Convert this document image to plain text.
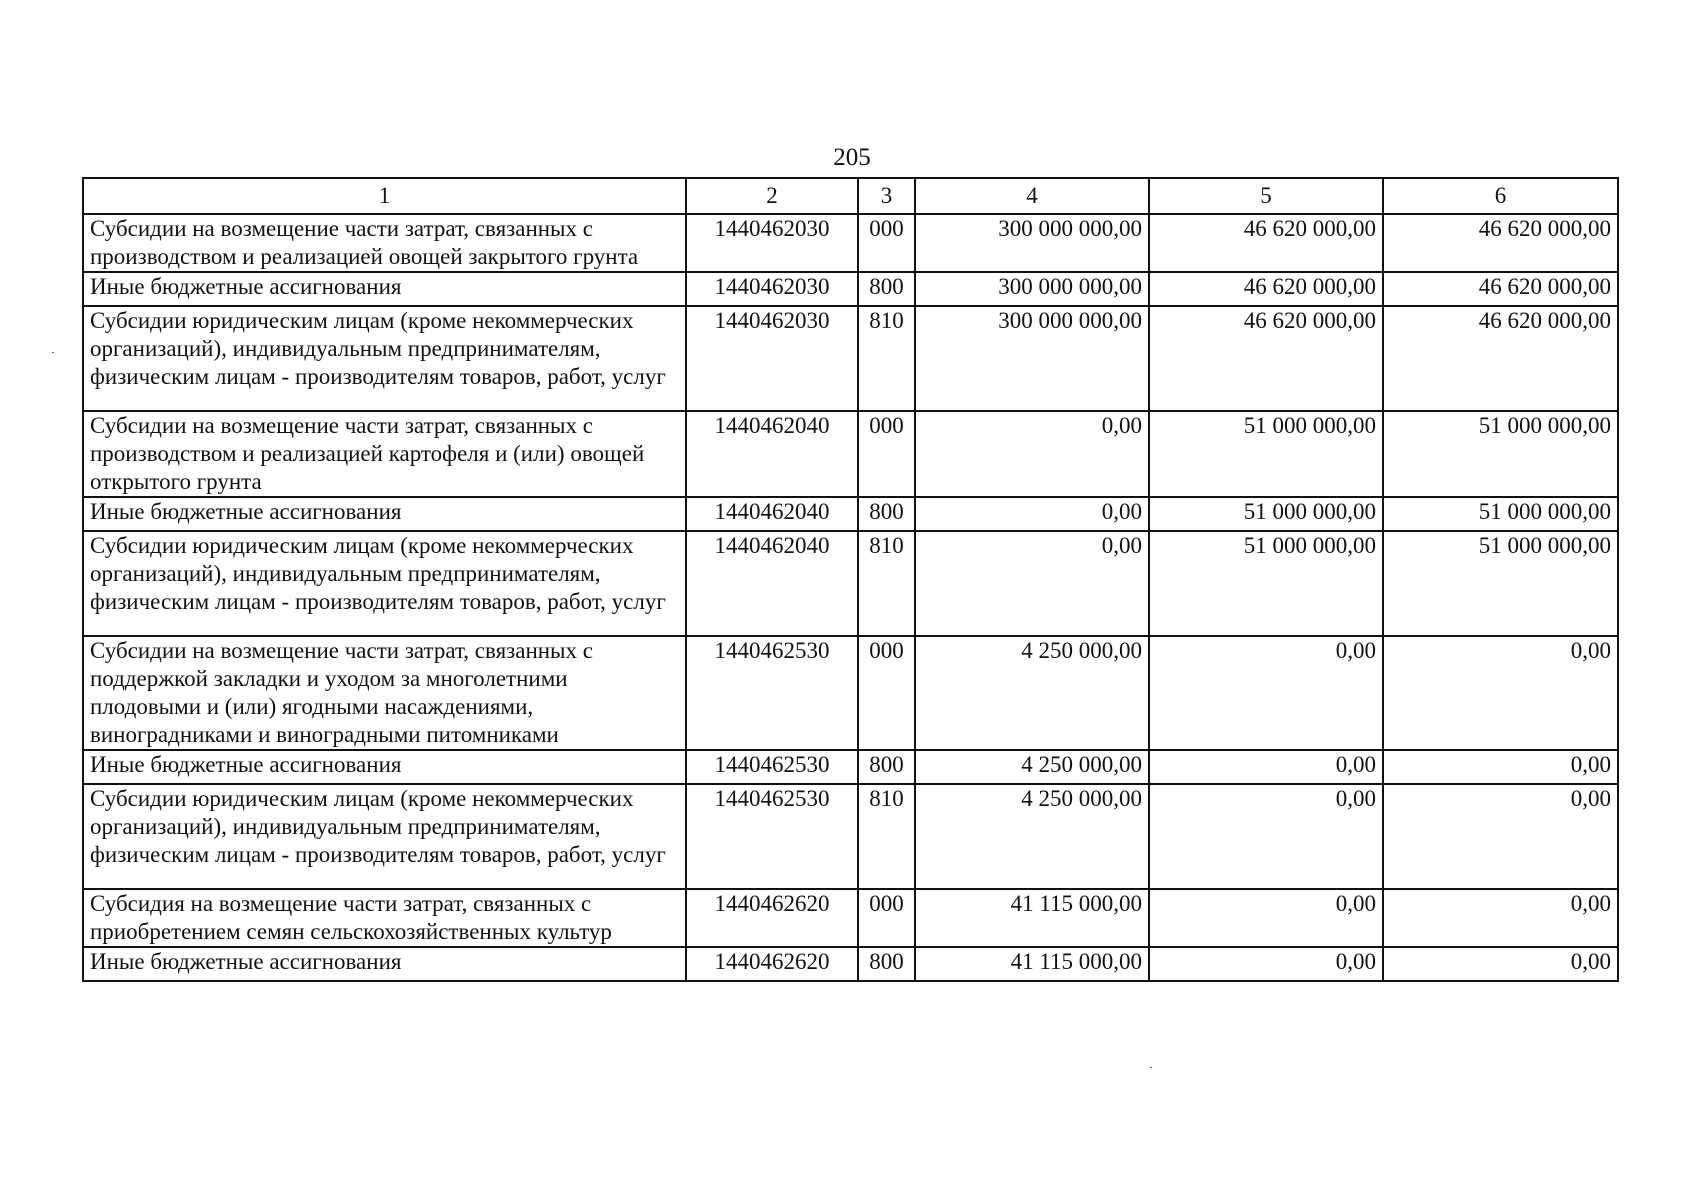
205
1	2	3	4	5	6
Субсидии на возмещение части затрат, связанных с производством и реализацией овощей закрытого грунта	1440462030	000	300 000 000,00	46 620 000,00	46 620 000,00
Иные бюджетные ассигнования	1440462030	800	300 000 000,00	46 620 000,00	46 620 000,00
Субсидии юридическим лицам (кроме некоммерческих организаций), индивидуальным предпринимателям, физическим лицам - производителям товаров, работ, услуг	1440462030	810	300 000 000,00	46 620 000,00	46 620 000,00
Субсидии на возмещение части затрат, связанных с производством и реализацией картофеля и (или) овощей открытого грунта	1440462040	000	0,00	51 000 000,00	51 000 000,00
Иные бюджетные ассигнования	1440462040	800	0,00	51 000 000,00	51 000 000,00
Субсидии юридическим лицам (кроме некоммерческих организаций), индивидуальным предпринимателям, физическим лицам - производителям товаров, работ, услуг	1440462040	810	0,00	51 000 000,00	51 000 000,00
Субсидии на возмещение части затрат, связанных с поддержкой закладки и уходом за многолетними плодовыми и (или) ягодными насаждениями, виноградниками и виноградными питомниками	1440462530	000	4 250 000,00	0,00	0,00
Иные бюджетные ассигнования	1440462530	800	4 250 000,00	0,00	0,00
Субсидии юридическим лицам (кроме некоммерческих организаций), индивидуальным предпринимателям, физическим лицам - производителям товаров, работ, услуг	1440462530	810	4 250 000,00	0,00	0,00
Субсидия на возмещение части затрат, связанных с приобретением семян сельскохозяйственных культур	1440462620	000	41 115 000,00	0,00	0,00
Иные бюджетные ассигнования	1440462620	800	41 115 000,00	0,00	0,00
